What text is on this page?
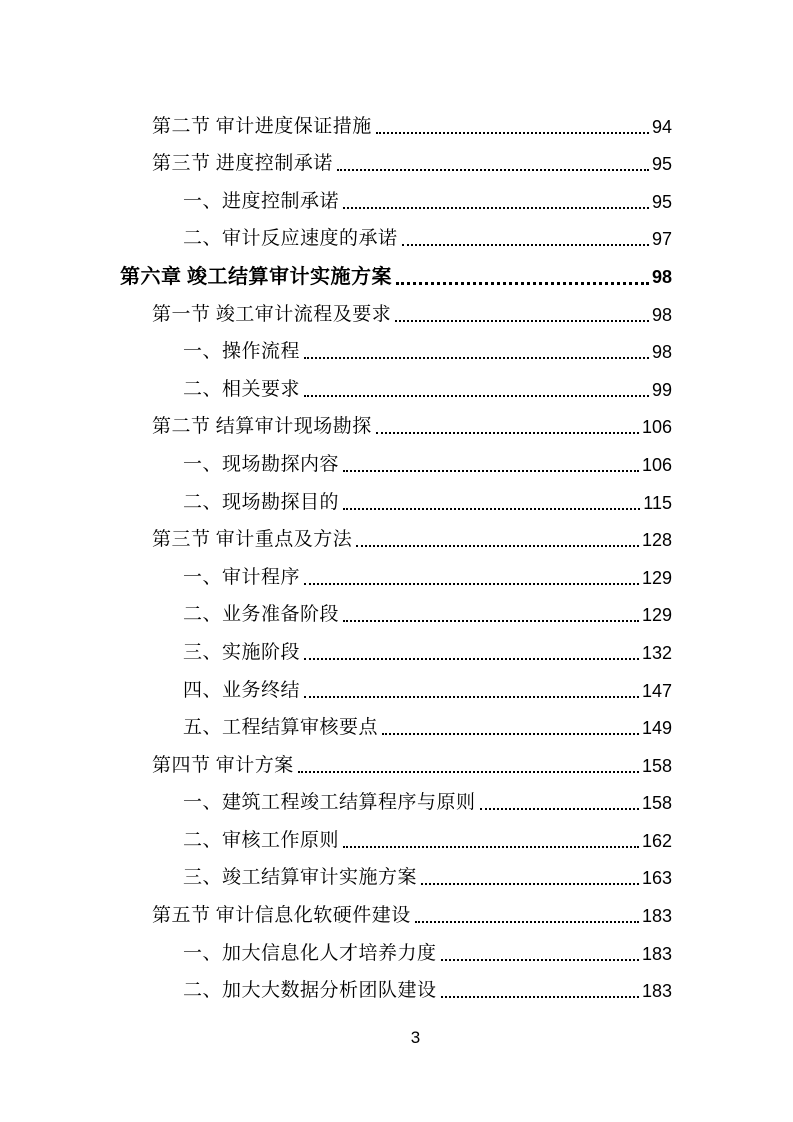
第二节 审计进度保证措施	94
第三节 进度控制承诺	95
一、进度控制承诺	95
二、审计反应速度的承诺	97
第六章 竣工结算审计实施方案	98
第一节 竣工审计流程及要求	98
一、操作流程	98
二、相关要求	99
第二节 结算审计现场勘探	106
一、现场勘探内容	106
二、现场勘探目的	115
第三节 审计重点及方法	128
一、审计程序	129
二、业务准备阶段	129
三、实施阶段	132
四、业务终结	147
五、工程结算审核要点	149
第四节 审计方案	158
一、建筑工程竣工结算程序与原则	158
二、审核工作原则	162
三、竣工结算审计实施方案	163
第五节 审计信息化软硬件建设	183
一、加大信息化人才培养力度	183
二、加大大数据分析团队建设	183
3
